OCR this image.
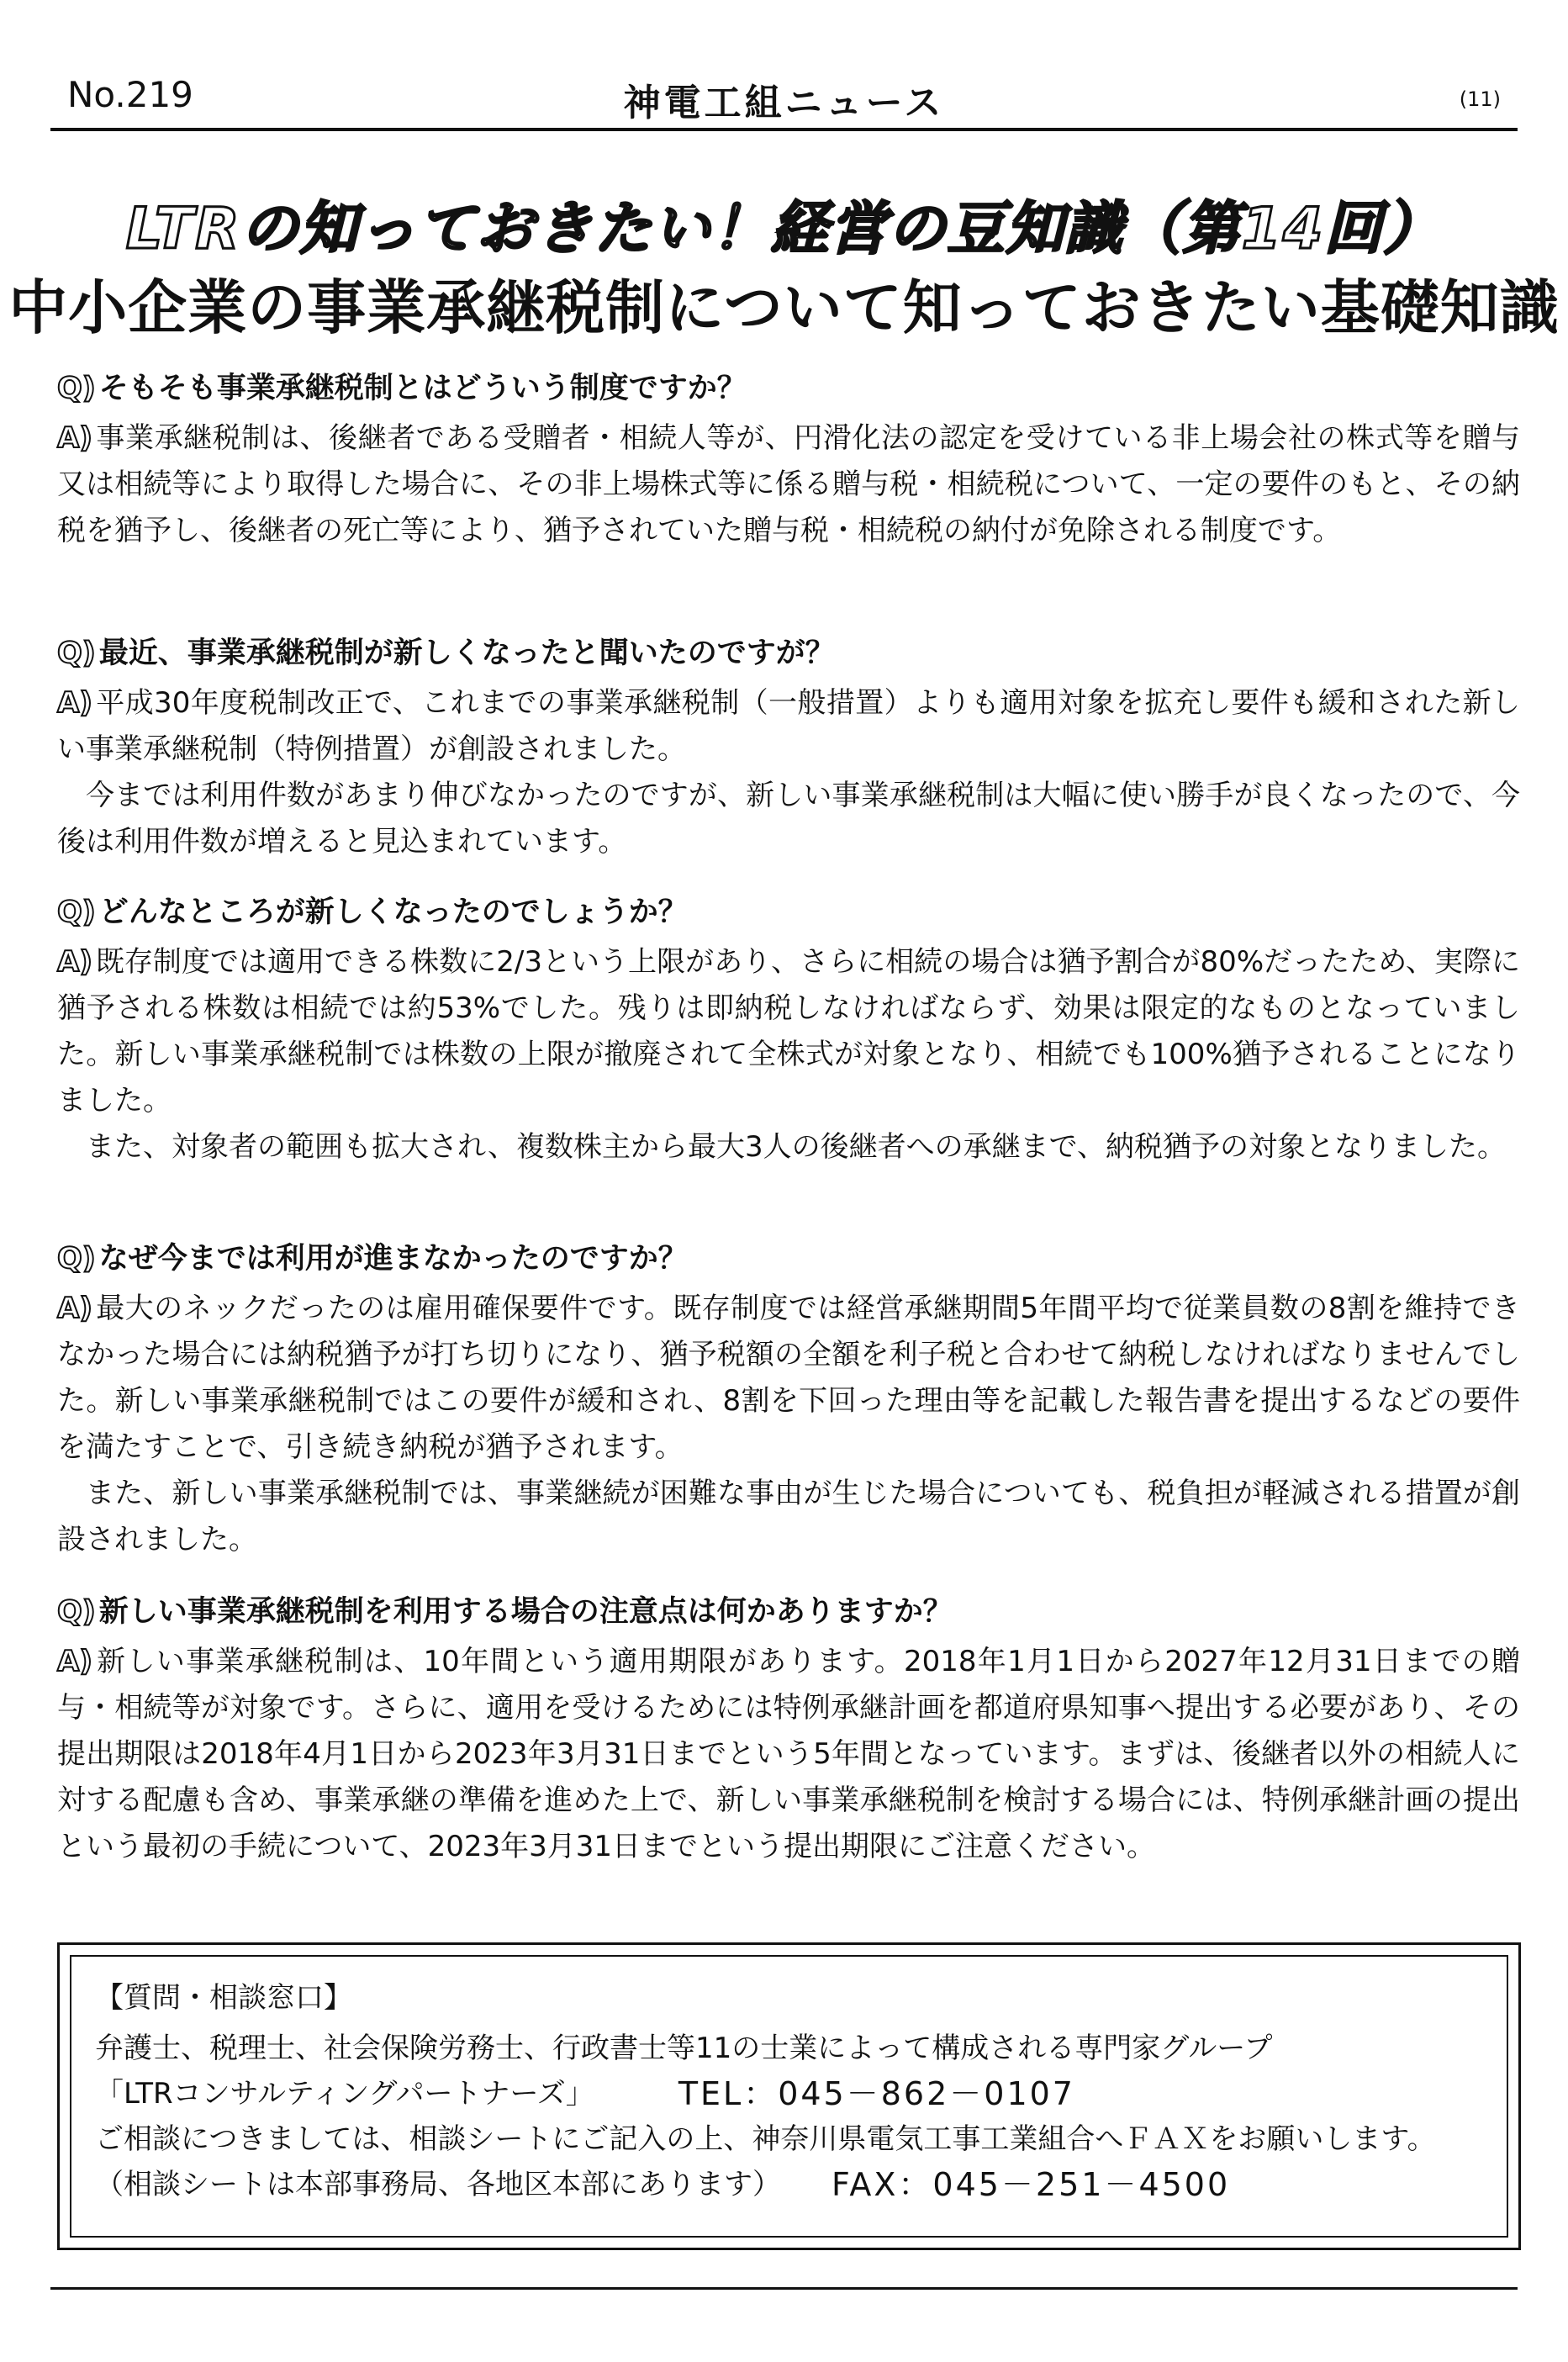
No.219	神電工組ニュース	(11)
LTRの知っておきたい！経営の豆知識（第14回）
中小企業の事業承継税制について知っておきたい基礎知識
Q) そもそも事業承継税制とはどういう制度ですか？
A) 事業承継税制は、後継者である受贈者・相続人等が、円滑化法の認定を受けている非上場会社の株式等を贈与又は相続等により取得した場合に、その非上場株式等に係る贈与税・相続税について、一定の要件のもと、その納税を猶予し、後継者の死亡等により、猶予されていた贈与税・相続税の納付が免除される制度です。
Q) 最近、事業承継税制が新しくなったと聞いたのですが？
A) 平成30年度税制改正で、これまでの事業承継税制（一般措置）よりも適用対象を拡充し要件も緩和された新しい事業承継税制（特例措置）が創設されました。
今までは利用件数があまり伸びなかったのですが、新しい事業承継税制は大幅に使い勝手が良くなったので、今後は利用件数が増えると見込まれています。
Q) どんなところが新しくなったのでしょうか？
A) 既存制度では適用できる株数に2/3という上限があり、さらに相続の場合は猶予割合が80%だったため、実際に猶予される株数は相続では約53%でした。残りは即納税しなければならず、効果は限定的なものとなっていました。新しい事業承継税制では株数の上限が撤廃されて全株式が対象となり、相続でも100%猶予されることになりました。
また、対象者の範囲も拡大され、複数株主から最大3人の後継者への承継まで、納税猶予の対象となりました。
Q) なぜ今までは利用が進まなかったのですか？
A) 最大のネックだったのは雇用確保要件です。既存制度では経営承継期間5年間平均で従業員数の8割を維持できなかった場合には納税猶予が打ち切りになり、猶予税額の全額を利子税と合わせて納税しなければなりませんでした。新しい事業承継税制ではこの要件が緩和され、8割を下回った理由等を記載した報告書を提出するなどの要件を満たすことで、引き続き納税が猶予されます。
また、新しい事業承継税制では、事業継続が困難な事由が生じた場合についても、税負担が軽減される措置が創設されました。
Q) 新しい事業承継税制を利用する場合の注意点は何かありますか？
A) 新しい事業承継税制は、10年間という適用期限があります。2018年1月1日から2027年12月31日までの贈与・相続等が対象です。さらに、適用を受けるためには特例承継計画を都道府県知事へ提出する必要があり、その提出期限は2018年4月1日から2023年3月31日までという5年間となっています。まずは、後継者以外の相続人に対する配慮も含め、事業承継の準備を進めた上で、新しい事業承継税制を検討する場合には、特例承継計画の提出という最初の手続について、2023年3月31日までという提出期限にご注意ください。
【質問・相談窓口】
弁護士、税理士、社会保険労務士、行政書士等11の士業によって構成される専門家グループ
「LTRコンサルティングパートナーズ」	TEL：045－862－0107
ご相談につきましては、相談シートにご記入の上、神奈川県電気工事工業組合へＦＡＸをお願いします。
（相談シートは本部事務局、各地区本部にあります） FAX：045－251－4500
